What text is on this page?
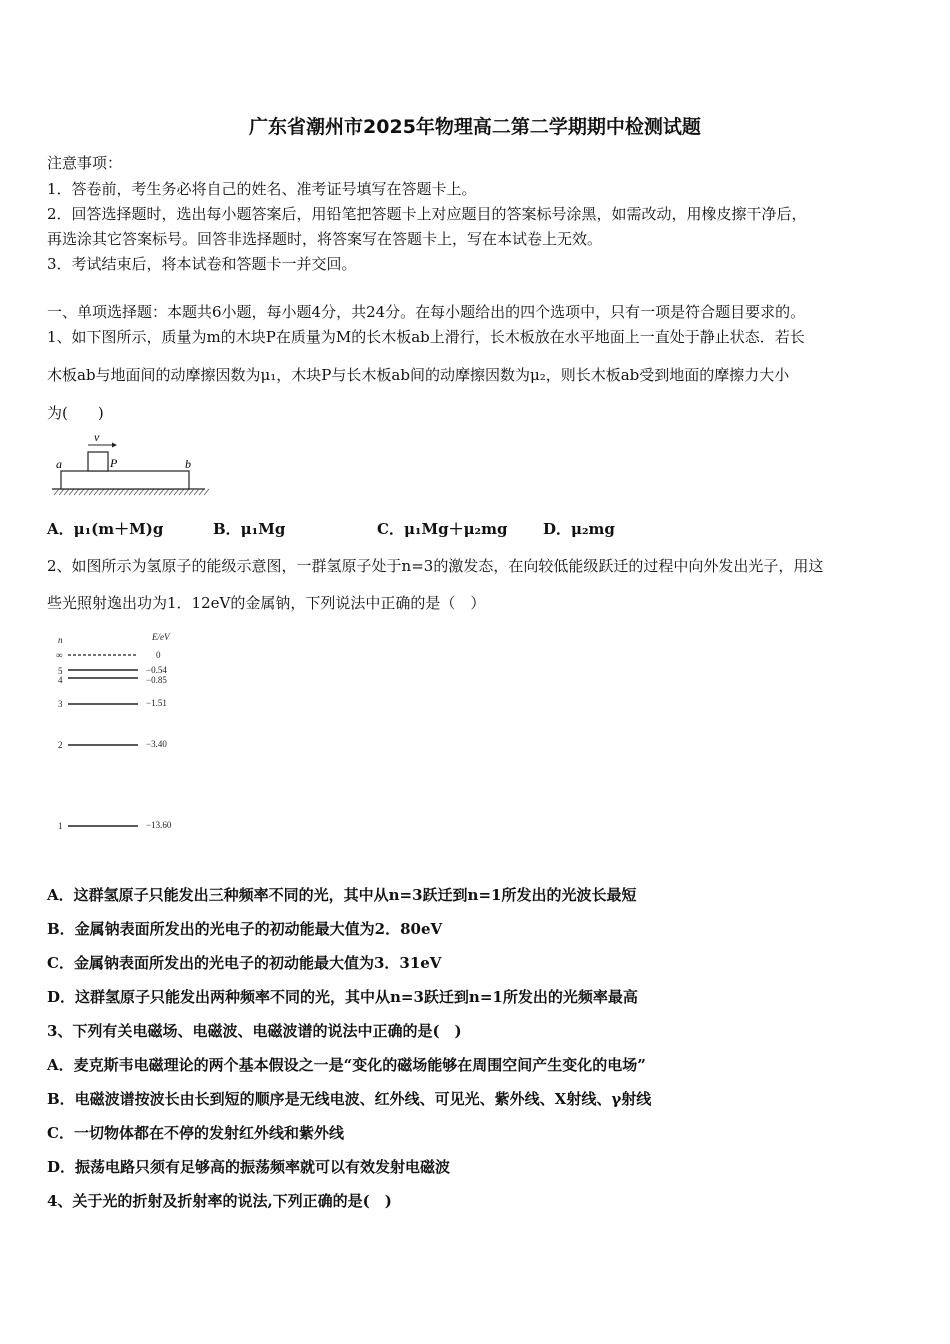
广东省潮州市2025年物理高二第二学期期中检测试题
注意事项：
1．答卷前，考生务必将自己的姓名、准考证号填写在答题卡上。
2．回答选择题时，选出每小题答案后，用铅笔把答题卡上对应题目的答案标号涂黑，如需改动，用橡皮擦干净后，
再选涂其它答案标号。回答非选择题时，将答案写在答题卡上，写在本试卷上无效。
3．考试结束后，将本试卷和答题卡一并交回。
一、单项选择题：本题共6小题，每小题4分，共24分。在每小题给出的四个选项中，只有一项是符合题目要求的。
1、如下图所示，质量为m的木块P在质量为M的长木板ab上滑行，长木板放在水平地面上一直处于静止状态．若长
木板ab与地面间的动摩擦因数为μ₁，木块P与长木板ab间的动摩擦因数为μ₂，则长木板ab受到地面的摩擦力大小
为(　　)
v
P
a	b
A．μ₁(m＋M)g	B．μ₁Mg	C．μ₁Mg＋μ₂mg D．μ₂mg
2、如图所示为氢原子的能级示意图，一群氢原子处于n=3的激发态，在向较低能级跃迁的过程中向外发出光子，用这
些光照射逸出功为1．12eV的金属钠，下列说法中正确的是（　）
n	E/eV
∞	0
5	−0.54
4	−0.85
3	−1.51
2	−3.40
1	−13.60
A．这群氢原子只能发出三种频率不同的光，其中从n=3跃迁到n=1所发出的光波长最短
B．金属钠表面所发出的光电子的初动能最大值为2．80eV
C．金属钠表面所发出的光电子的初动能最大值为3．31eV
D．这群氢原子只能发出两种频率不同的光，其中从n=3跃迁到n=1所发出的光频率最高
3、下列有关电磁场、电磁波、电磁波谱的说法中正确的是(　)
A．麦克斯韦电磁理论的两个基本假设之一是“变化的磁场能够在周围空间产生变化的电场”
B．电磁波谱按波长由长到短的顺序是无线电波、红外线、可见光、紫外线、X射线、γ射线
C．一切物体都在不停的发射红外线和紫外线
D．振荡电路只须有足够高的振荡频率就可以有效发射电磁波
4、关于光的折射及折射率的说法,下列正确的是(　)
